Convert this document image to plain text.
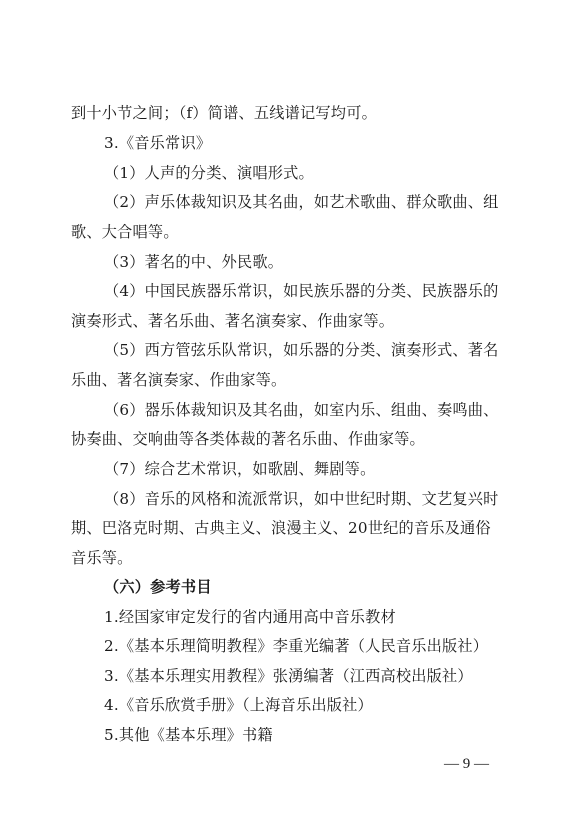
到十小节之间；（f）简谱、五线谱记写均可。
3.《音乐常识》
（1）人声的分类、演唱形式。
（2）声乐体裁知识及其名曲，如艺术歌曲、群众歌曲、组
歌、大合唱等。
（3）著名的中、外民歌。
（4）中国民族器乐常识，如民族乐器的分类、民族器乐的
演奏形式、著名乐曲、著名演奏家、作曲家等。
（5）西方管弦乐队常识，如乐器的分类、演奏形式、著名
乐曲、著名演奏家、作曲家等。
（6）器乐体裁知识及其名曲，如室内乐、组曲、奏鸣曲、
协奏曲、交响曲等各类体裁的著名乐曲、作曲家等。
（7）综合艺术常识，如歌剧、舞剧等。
（8）音乐的风格和流派常识，如中世纪时期、文艺复兴时
期、巴洛克时期、古典主义、浪漫主义、20世纪的音乐及通俗
音乐等。
（六）参考书目
1.经国家审定发行的省内通用高中音乐教材
2.《基本乐理简明教程》李重光编著（人民音乐出版社）
3.《基本乐理实用教程》张湧编著（江西高校出版社）
4.《音乐欣赏手册》（上海音乐出版社）
5.其他《基本乐理》书籍
— 9 —
